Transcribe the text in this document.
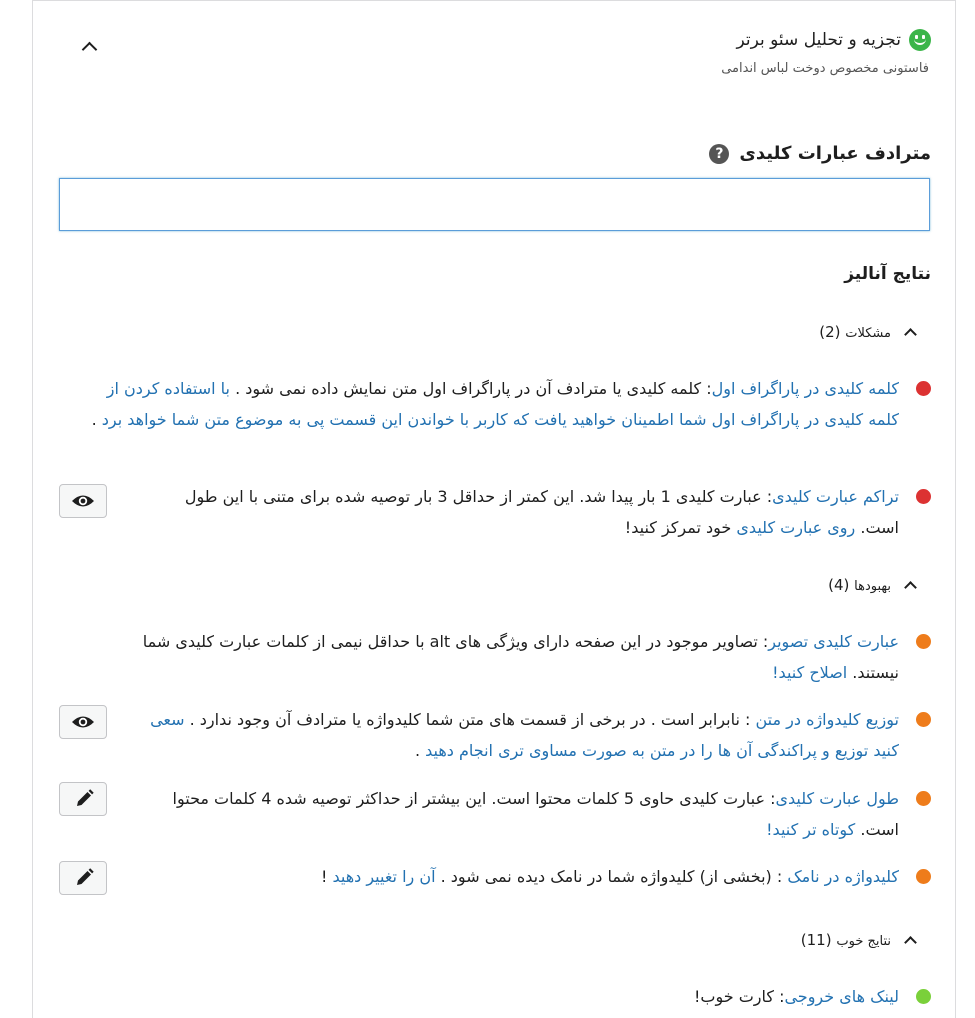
تجزیه و تحلیل سئو برتر
فاستونی مخصوص دوخت لباس اندامی
مترادف عبارات کلیدی
?
نتایج آنالیز
مشکلات (2)
کلمه کلیدی در پاراگراف اول: کلمه کلیدی یا مترادف آن در پاراگراف اول متن نمایش داده نمی شود . با استفاده کردن از کلمه کلیدی در پاراگراف اول شما اطمینان خواهید یافت که کاربر با خواندن این قسمت پی به موضوع متن شما خواهد برد .
تراکم عبارت کلیدی: عبارت کلیدی 1 بار پیدا شد. این کمتر از حداقل 3 بار توصیه شده برای متنی با این طول است. روی عبارت کلیدی خود تمرکز کنید!
بهبودها (4)
عبارت کلیدی تصویر: تصاویر موجود در این صفحه دارای ویژگی های alt با حداقل نیمی از کلمات عبارت کلیدی شما نیستند. اصلاح کنید!
توزیع کلیدواژه در متن : نابرابر است . در برخی از قسمت های متن شما کلیدواژه یا مترادف آن وجود ندارد . سعی کنید توزیع و پراکندگی آن ها را در متن به صورت مساوی تری انجام دهید .
طول عبارت کلیدی: عبارت کلیدی حاوی 5 کلمات محتوا است. این بیشتر از حداکثر توصیه شده 4 کلمات محتوا است. کوتاه تر کنید!
کلیدواژه در نامک : (بخشی از) کلیدواژه شما در نامک دیده نمی شود . آن را تغییر دهید !
نتایج خوب (11)
لینک های خروجی: کارت خوب!
